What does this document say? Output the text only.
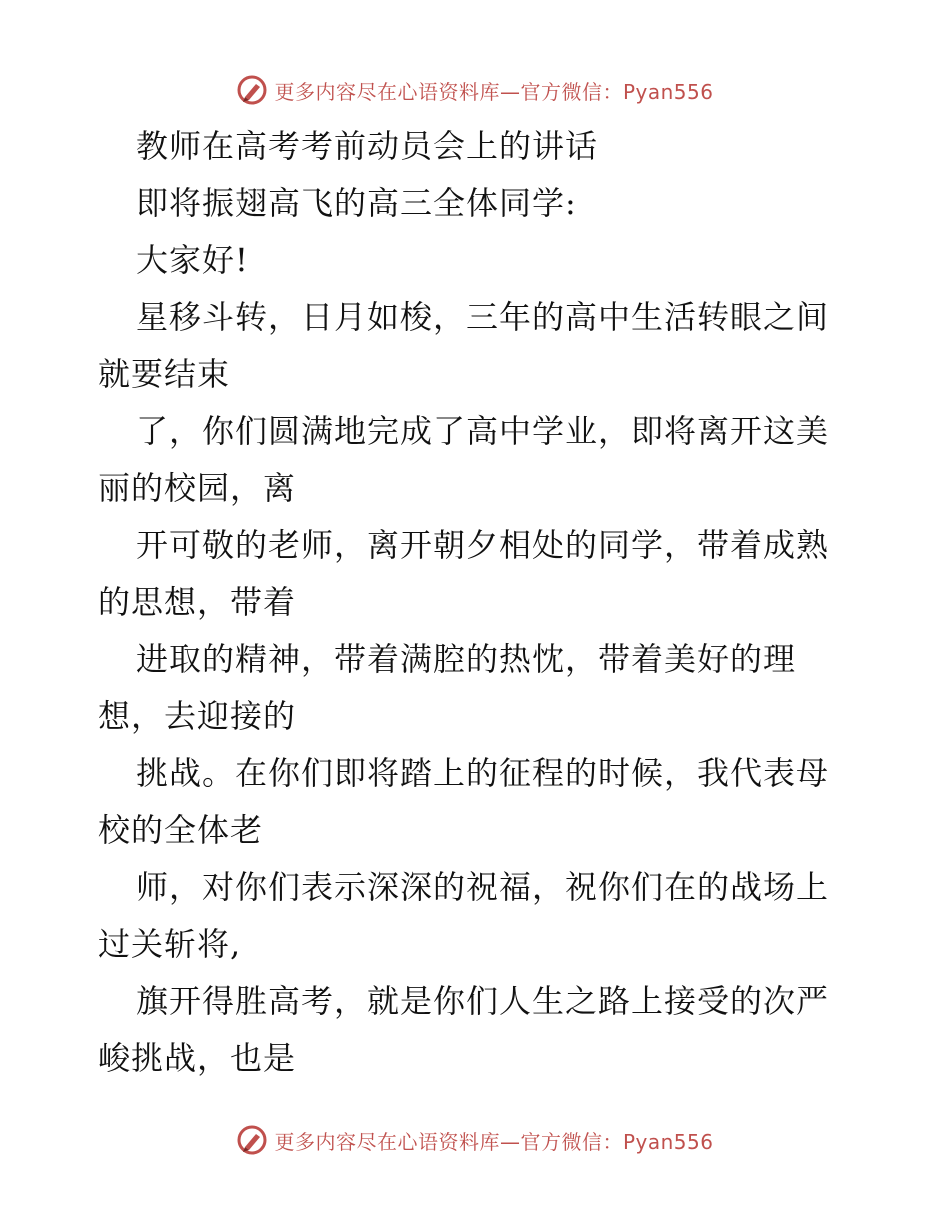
更多内容尽在心语资料库—官方微信：Pyan556
教师在高考考前动员会上的讲话
即将振翅高飞的高三全体同学:
大家好!
星移斗转，日月如梭，三年的高中生活转眼之间
就要结束
了，你们圆满地完成了高中学业，即将离开这美
丽的校园，离
开可敬的老师，离开朝夕相处的同学，带着成熟
的思想，带着
进取的精神，带着满腔的热忱，带着美好的理
想，去迎接的
挑战。在你们即将踏上的征程的时候，我代表母
校的全体老
师，对你们表示深深的祝福，祝你们在的战场上
过关斩将,
旗开得胜高考，就是你们人生之路上接受的次严
峻挑战，也是
更多内容尽在心语资料库—官方微信：Pyan556
